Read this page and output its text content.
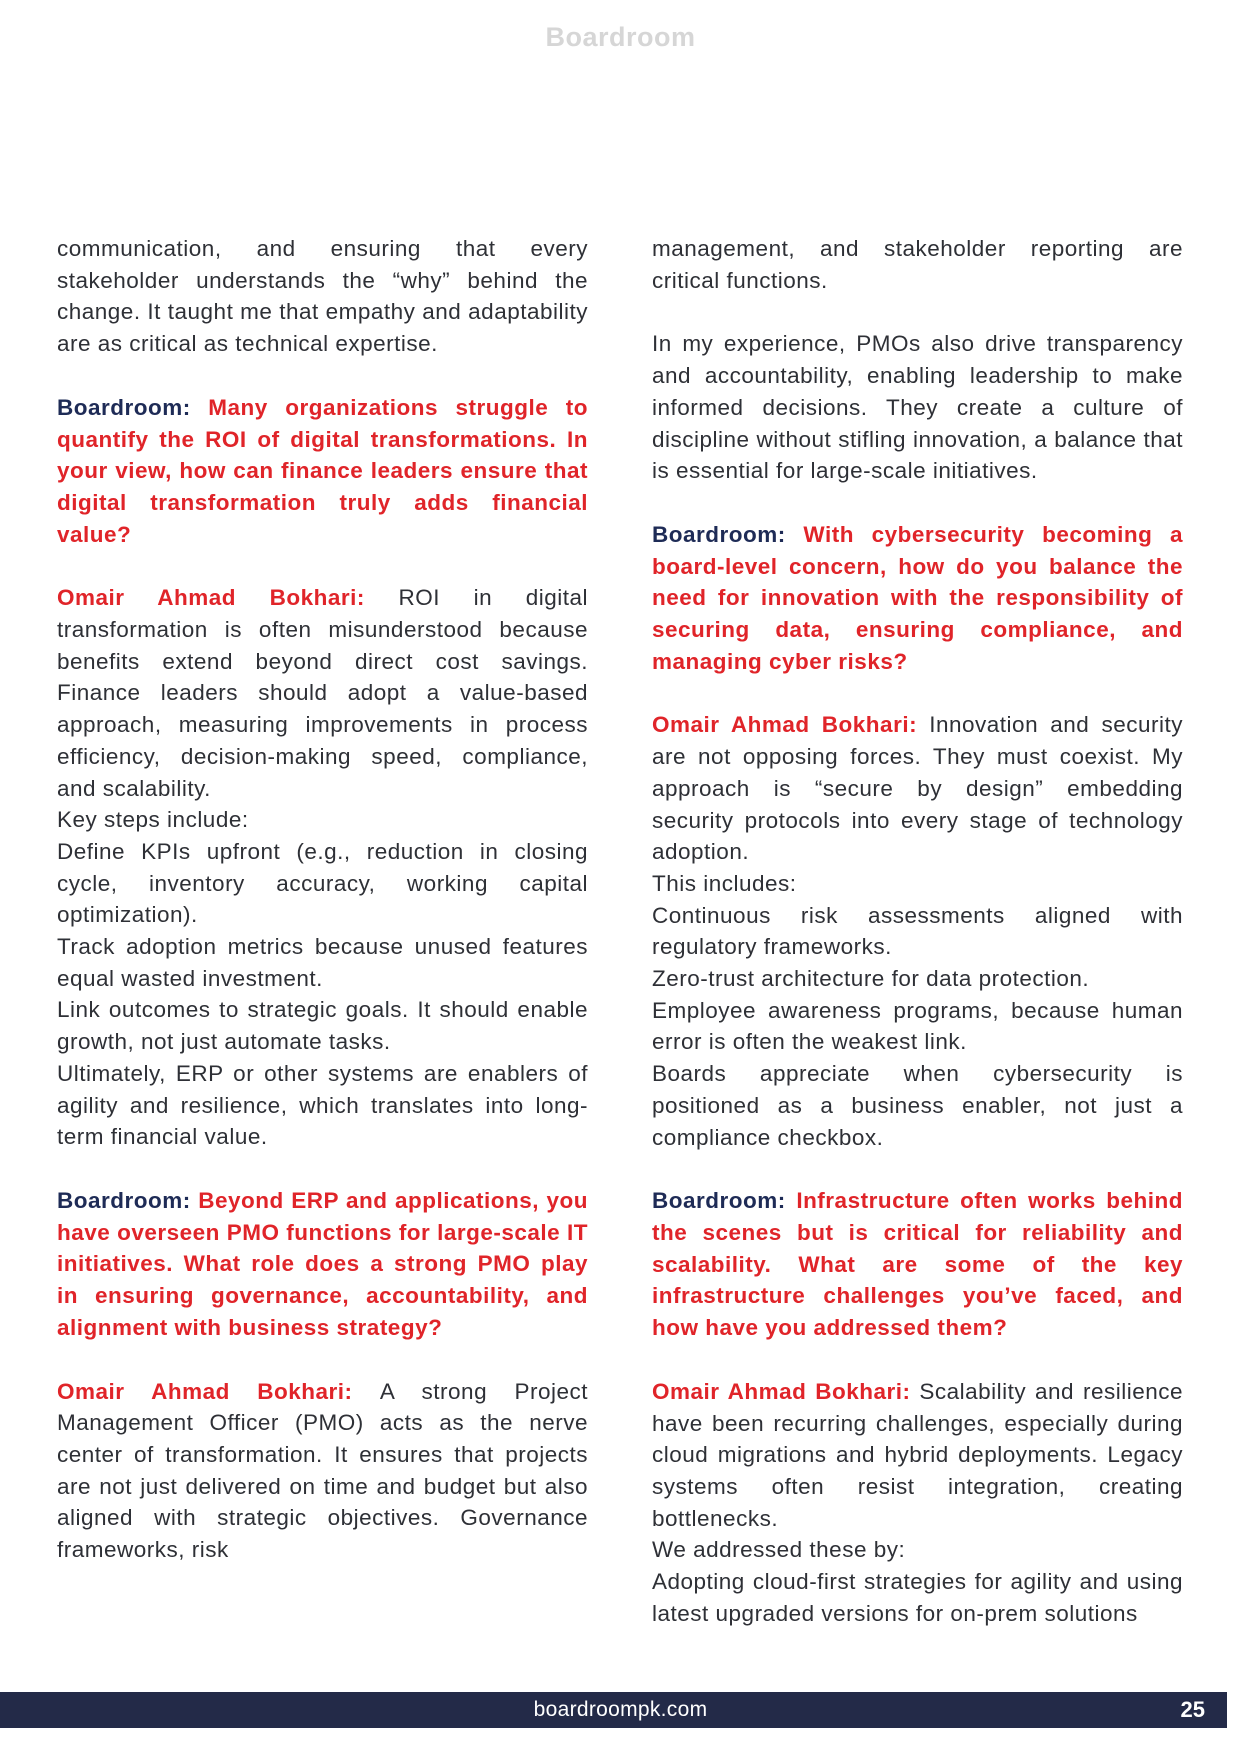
Boardroom

communication, and ensuring that every stakeholder understands the “why” behind the change. It taught me that empathy and adaptability are as critical as technical expertise.

Boardroom: Many organizations struggle to quantify the ROI of digital transformations. In your view, how can finance leaders ensure that digital transformation truly adds financial value?

Omair Ahmad Bokhari: ROI in digital transformation is often misunderstood because benefits extend beyond direct cost savings. Finance leaders should adopt a value-based approach, measuring improvements in process efficiency, decision-making speed, compliance, and scalability.

Key steps include:

Define KPIs upfront (e.g., reduction in closing cycle, inventory accuracy, working capital optimization).

Track adoption metrics because unused features equal wasted investment.

Link outcomes to strategic goals. It should enable growth, not just automate tasks.

Ultimately, ERP or other systems are enablers of agility and resilience, which translates into long-term financial value.

Boardroom: Beyond ERP and applications, you have overseen PMO functions for large-scale IT initiatives. What role does a strong PMO play in ensuring governance, accountability, and alignment with business strategy?

Omair Ahmad Bokhari: A strong Project Management Officer (PMO) acts as the nerve center of transformation. It ensures that projects are not just delivered on time and budget but also aligned with strategic objectives. Governance frameworks, risk

management, and stakeholder reporting are critical functions.

In my experience, PMOs also drive transparency and accountability, enabling leadership to make informed decisions. They create a culture of discipline without stifling innovation, a balance that is essential for large-scale initiatives.

Boardroom: With cybersecurity becoming a board-level concern, how do you balance the need for innovation with the responsibility of securing data, ensuring compliance, and managing cyber risks?

Omair Ahmad Bokhari: Innovation and security are not opposing forces. They must coexist. My approach is “secure by design” embedding security protocols into every stage of technology adoption.

This includes:

Continuous risk assessments aligned with regulatory frameworks.

Zero-trust architecture for data protection.

Employee awareness programs, because human error is often the weakest link.

Boards appreciate when cybersecurity is positioned as a business enabler, not just a compliance checkbox.

Boardroom: Infrastructure often works behind the scenes but is critical for reliability and scalability. What are some of the key infrastructure challenges you’ve faced, and how have you addressed them?

Omair Ahmad Bokhari: Scalability and resilience have been recurring challenges, especially during cloud migrations and hybrid deployments. Legacy systems often resist integration, creating bottlenecks.

We addressed these by:

Adopting cloud-first strategies for agility and using latest upgraded versions for on-prem solutions

boardroompk.com	25
